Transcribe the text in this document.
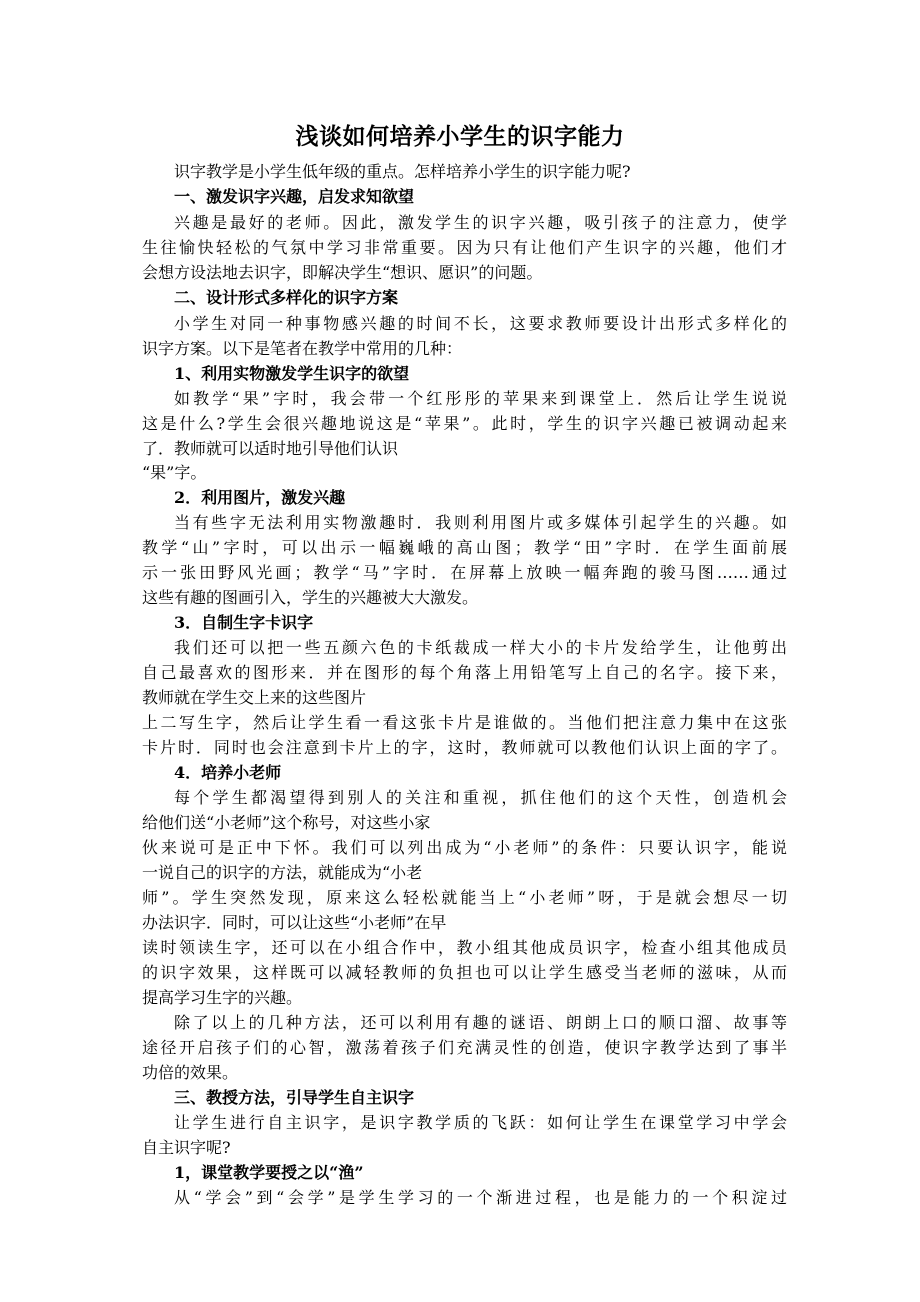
浅谈如何培养小学生的识字能力
识字教学是小学生低年级的重点。怎样培养小学生的识字能力呢?
一、激发识字兴趣，启发求知欲望
兴趣是最好的老师。因此，激发学生的识字兴趣，吸引孩子的注意力，使学
生往愉快轻松的气氛中学习非常重要。因为只有让他们产生识字的兴趣，他们才
会想方设法地去识字，即解决学生“想识、愿识”的问题。
二、设计形式多样化的识字方案
小学生对同一种事物感兴趣的时间不长，这要求教师要设计出形式多样化的
识字方案。以下是笔者在教学中常用的几种：
1、利用实物激发学生识字的欲望
如教学“果”字时，我会带一个红彤彤的苹果来到课堂上．然后让学生说说
这是什么?学生会很兴趣地说这是“苹果”。此时，学生的识字兴趣已被调动起来
了．教师就可以适时地引导他们认识
“果”字。
2．利用图片，激发兴趣
当有些字无法利用实物激趣时．我则利用图片或多媒体引起学生的兴趣。如
教学“山”字时，可以出示一幅巍峨的高山图；教学“田”字时．在学生面前展
示一张田野风光画；教学“马”字时．在屏幕上放映一幅奔跑的骏马图……通过
这些有趣的图画引入，学生的兴趣被大大激发。
3．自制生字卡识字
我们还可以把一些五颜六色的卡纸裁成一样大小的卡片发给学生，让他剪出
自己最喜欢的图形来．并在图形的每个角落上用铅笔写上自己的名字。接下来，
教师就在学生交上来的这些图片
上二写生字，然后让学生看一看这张卡片是谁做的。当他们把注意力集中在这张
卡片时．同时也会注意到卡片上的字，这时，教师就可以教他们认识上面的字了。
4．培养小老师
每个学生都渴望得到别人的关注和重视，抓住他们的这个天性，创造机会
给他们送“小老师”这个称号，对这些小家
伙来说可是正中下怀。我们可以列出成为“小老师”的条件：只要认识字，能说
一说自己的识字的方法，就能成为“小老
师”。学生突然发现，原来这么轻松就能当上“小老师”呀，于是就会想尽一切
办法识字．同时，可以让这些“小老师”在早
读时领读生字，还可以在小组合作中，教小组其他成员识字，检查小组其他成员
的识字效果，这样既可以减轻教师的负担也可以让学生感受当老师的滋味，从而
提高学习生字的兴趣。
除了以上的几种方法，还可以利用有趣的谜语、朗朗上口的顺口溜、故事等
途径开启孩子们的心智，激荡着孩子们充满灵性的创造，使识字教学达到了事半
功倍的效果。
三、教授方法，引导学生自主识字
让学生进行自主识字，是识字教学质的飞跃：如何让学生在课堂学习中学会
自主识字呢?
1，课堂教学要授之以“渔”
从“学会”到“会学”是学生学习的一个渐进过程，也是能力的一个积淀过
